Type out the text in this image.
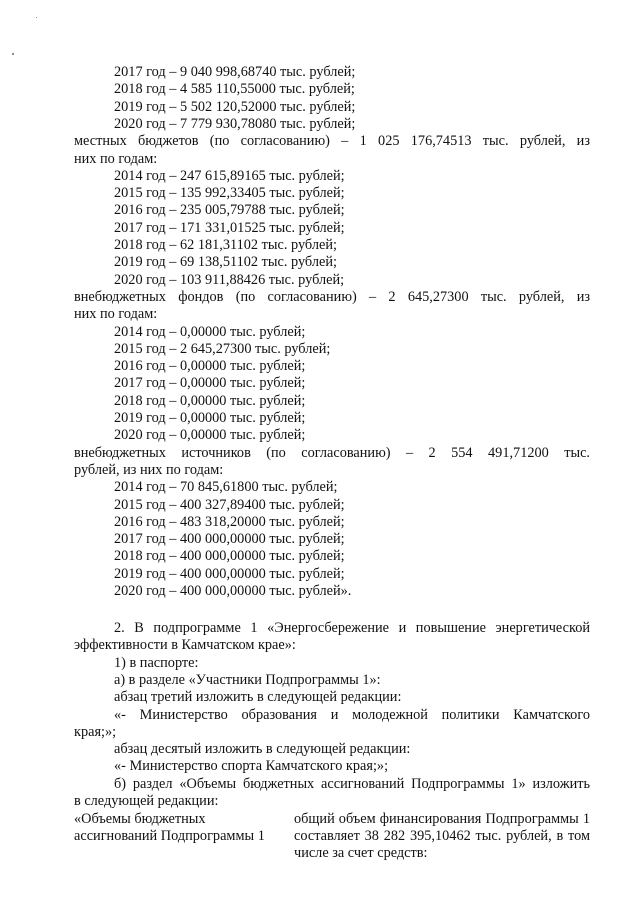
2017 год – 9 040 998,68740 тыс. рублей;
2018 год – 4 585 110,55000 тыс. рублей;
2019 год – 5 502 120,52000 тыс. рублей;
2020 год – 7 779 930,78080 тыс. рублей;
местных бюджетов (по согласованию) – 1 025 176,74513 тыс. рублей, из
них по годам:
2014 год – 247 615,89165 тыс. рублей;
2015 год – 135 992,33405 тыс. рублей;
2016 год – 235 005,79788 тыс. рублей;
2017 год – 171 331,01525 тыс. рублей;
2018 год – 62 181,31102 тыс. рублей;
2019 год – 69 138,51102 тыс. рублей;
2020 год – 103 911,88426 тыс. рублей;
внебюджетных фондов (по согласованию) – 2 645,27300 тыс. рублей, из
них по годам:
2014 год – 0,00000 тыс. рублей;
2015 год – 2 645,27300 тыс. рублей;
2016 год – 0,00000 тыс. рублей;
2017 год – 0,00000 тыс. рублей;
2018 год – 0,00000 тыс. рублей;
2019 год – 0,00000 тыс. рублей;
2020 год – 0,00000 тыс. рублей;
внебюджетных источников (по согласованию) – 2 554 491,71200 тыс.
рублей, из них по годам:
2014 год – 70 845,61800 тыс. рублей;
2015 год – 400 327,89400 тыс. рублей;
2016 год – 483 318,20000 тыс. рублей;
2017 год – 400 000,00000 тыс. рублей;
2018 год – 400 000,00000 тыс. рублей;
2019 год – 400 000,00000 тыс. рублей;
2020 год – 400 000,00000 тыс. рублей».
2. В подпрограмме 1 «Энергосбережение и повышение энергетической
эффективности в Камчатском крае»:
1) в паспорте:
а) в разделе «Участники Подпрограммы 1»:
абзац третий изложить в следующей редакции:
«- Министерство образования и молодежной политики Камчатского
края;»;
абзац десятый изложить в следующей редакции:
«- Министерство спорта Камчатского края;»;
б) раздел «Объемы бюджетных ассигнований Подпрограммы 1» изложить
в следующей редакции:
«Объемы бюджетных ассигнований Подпрограммы 1
общий объем финансирования Подпрограммы 1 составляет 38 282 395,10462 тыс. рублей, в том числе за счет средств:
